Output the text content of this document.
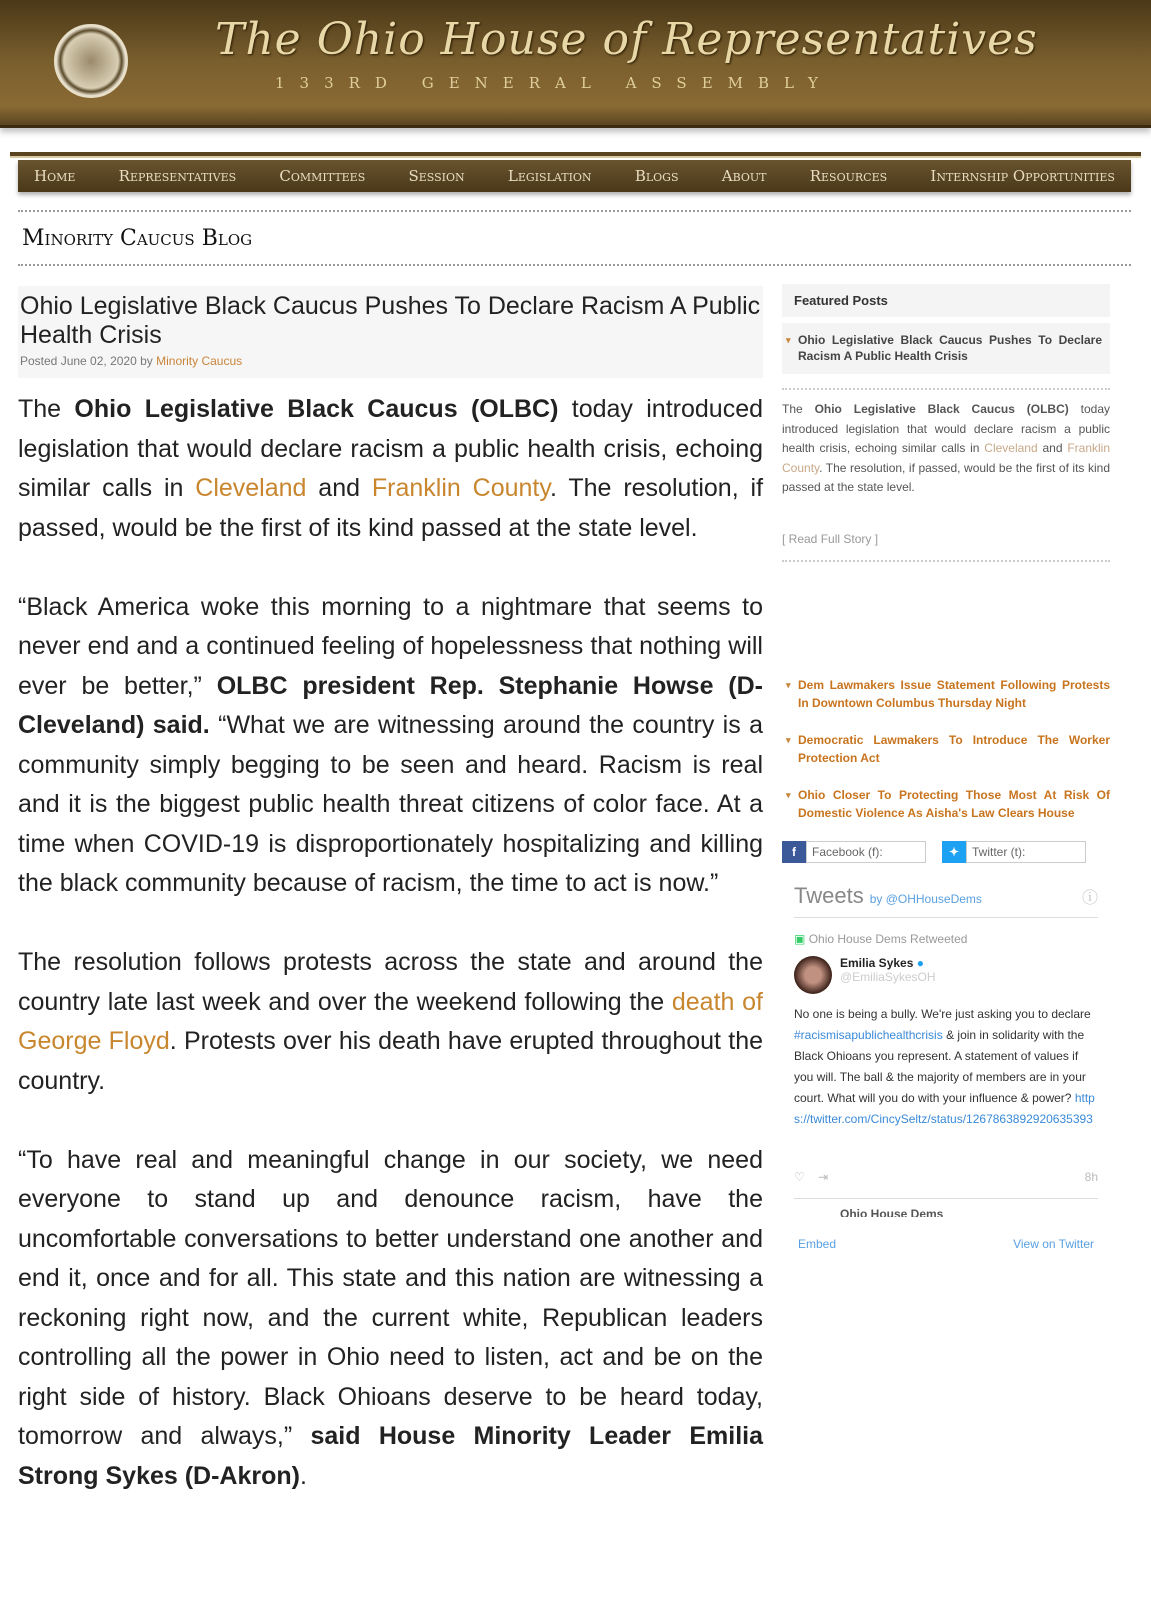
The Ohio House of Representatives
133RD GENERAL ASSEMBLY
Home	Representatives	Committees	Session	Legislation	Blogs	About	Resources	Internship Opportunities
Minority Caucus Blog
Ohio Legislative Black Caucus Pushes To Declare Racism A Public Health Crisis
Posted June 02, 2020 by Minority Caucus

The Ohio Legislative Black Caucus (OLBC) today introduced legislation that would declare racism a public health crisis, echoing similar calls in Cleveland and Franklin County. The resolution, if passed, would be the first of its kind passed at the state level.

“Black America woke this morning to a nightmare that seems to never end and a continued feeling of hopelessness that nothing will ever be better,” OLBC president Rep. Stephanie Howse (D-Cleveland) said. “What we are witnessing around the country is a community simply begging to be seen and heard. Racism is real and it is the biggest public health threat citizens of color face. At a time when COVID-19 is disproportionately hospitalizing and killing the black community because of racism, the time to act is now.”

The resolution follows protests across the state and around the country late last week and over the weekend following the death of George Floyd. Protests over his death have erupted throughout the country.

“To have real and meaningful change in our society, we need everyone to stand up and denounce racism, have the uncomfortable conversations to better understand one another and end it, once and for all. This state and this nation are witnessing a reckoning right now, and the current white, Republican leaders controlling all the power in Ohio need to listen, act and be on the right side of history. Black Ohioans deserve to be heard today, tomorrow and always,” said House Minority Leader Emilia Strong Sykes (D-Akron).

Featured Posts
▾ Ohio Legislative Black Caucus Pushes To Declare Racism A Public Health Crisis
The Ohio Legislative Black Caucus (OLBC) today introduced legislation that would declare racism a public health crisis, echoing similar calls in Cleveland and Franklin County. The resolution, if passed, would be the first of its kind passed at the state level.
[ Read Full Story ]
▾ Dem Lawmakers Issue Statement Following Protests In Downtown Columbus Thursday Night
▾ Democratic Lawmakers To Introduce The Worker Protection Act
▾ Ohio Closer To Protecting Those Most At Risk Of Domestic Violence As Aisha's Law Clears House
f	Facebook (f):	✦	Twitter (t):
Tweets by @OHHouseDems	ⓘ
▣ Ohio House Dems Retweeted
Emilia Sykes ●
@EmiliaSykesOH
No one is being a bully. We're just asking you to declare #racismisapublichealthcrisis & join in solidarity with the Black Ohioans you represent. A statement of values if you will. The ball & the majority of members are in your court. What will you do with your influence & power? https://twitter.com/CincySeltz/status/1267863892920635393
♡    ⇥	8h
Ohio House Dems
Embed	View on Twitter
